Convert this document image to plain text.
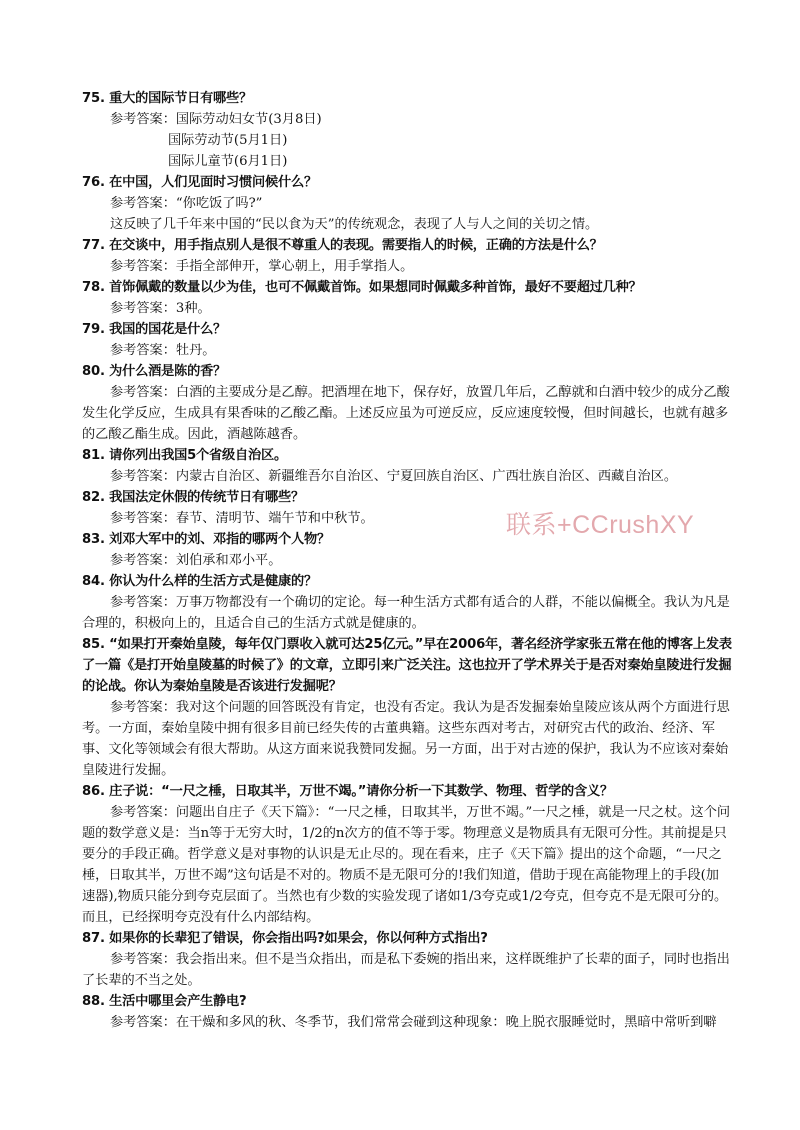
75. 重大的国际节日有哪些？

参考答案：国际劳动妇女节(3月8日)

国际劳动节(5月1日)

国际儿童节(6月1日)

76. 在中国，人们见面时习惯问候什么？

参考答案：“你吃饭了吗?”

这反映了几千年来中国的“民以食为天”的传统观念，表现了人与人之间的关切之情。

77. 在交谈中，用手指点别人是很不尊重人的表现。需要指人的时候，正确的方法是什么？

参考答案：手指全部伸开，掌心朝上，用手掌指人。

78. 首饰佩戴的数量以少为佳，也可不佩戴首饰。如果想同时佩戴多种首饰，最好不要超过几种？

参考答案：3种。

79. 我国的国花是什么？

参考答案：牡丹。

80. 为什么酒是陈的香？

参考答案：白酒的主要成分是乙醇。把酒埋在地下，保存好，放置几年后，乙醇就和白酒中较少的成分乙酸发生化学反应，生成具有果香味的乙酸乙酯。上述反应虽为可逆反应，反应速度较慢，但时间越长，也就有越多的乙酸乙酯生成。因此，酒越陈越香。

81. 请你列出我国5个省级自治区。

参考答案：内蒙古自治区、新疆维吾尔自治区、宁夏回族自治区、广西壮族自治区、西藏自治区。

82. 我国法定休假的传统节日有哪些？

参考答案：春节、清明节、端午节和中秋节。

83. 刘邓大军中的刘、邓指的哪两个人物？

参考答案：刘伯承和邓小平。

84. 你认为什么样的生活方式是健康的？

参考答案：万事万物都没有一个确切的定论。每一种生活方式都有适合的人群，不能以偏概全。我认为凡是合理的，积极向上的，且适合自己的生活方式就是健康的。

85. “如果打开秦始皇陵，每年仅门票收入就可达25亿元。”早在2006年，著名经济学家张五常在他的博客上发表了一篇《是打开始皇陵墓的时候了》的文章，立即引来广泛关注。这也拉开了学术界关于是否对秦始皇陵进行发掘的论战。你认为秦始皇陵是否该进行发掘呢？

参考答案：我对这个问题的回答既没有肯定，也没有否定。我认为是否发掘秦始皇陵应该从两个方面进行思考。一方面，秦始皇陵中拥有很多目前已经失传的古董典籍。这些东西对考古，对研究古代的政治、经济、军事、文化等领域会有很大帮助。从这方面来说我赞同发掘。另一方面，出于对古迹的保护，我认为不应该对秦始皇陵进行发掘。

86. 庄子说：“一尺之棰，日取其半，万世不竭。”请你分析一下其数学、物理、哲学的含义？

参考答案：问题出自庄子《天下篇》：“一尺之棰，日取其半，万世不竭。”一尺之棰，就是一尺之杖。这个问题的数学意义是：当n等于无穷大时，1/2的n次方的值不等于零。物理意义是物质具有无限可分性。其前提是只要分的手段正确。哲学意义是对事物的认识是无止尽的。现在看来，庄子《天下篇》提出的这个命题，“一尺之棰，日取其半，万世不竭”这句话是不对的。物质不是无限可分的!我们知道，借助于现在高能物理上的手段(加速器),物质只能分到夸克层面了。当然也有少数的实验发现了诸如1/3夸克或1/2夸克，但夸克不是无限可分的。而且，已经探明夸克没有什么内部结构。

87. 如果你的长辈犯了错误，你会指出吗?如果会，你以何种方式指出?

参考答案：我会指出来。但不是当众指出，而是私下委婉的指出来，这样既维护了长辈的面子，同时也指出了长辈的不当之处。

88. 生活中哪里会产生静电?

参考答案：在干燥和多风的秋、冬季节，我们常常会碰到这种现象：晚上脱衣服睡觉时，黑暗中常听到噼

联系+CCrushXY
